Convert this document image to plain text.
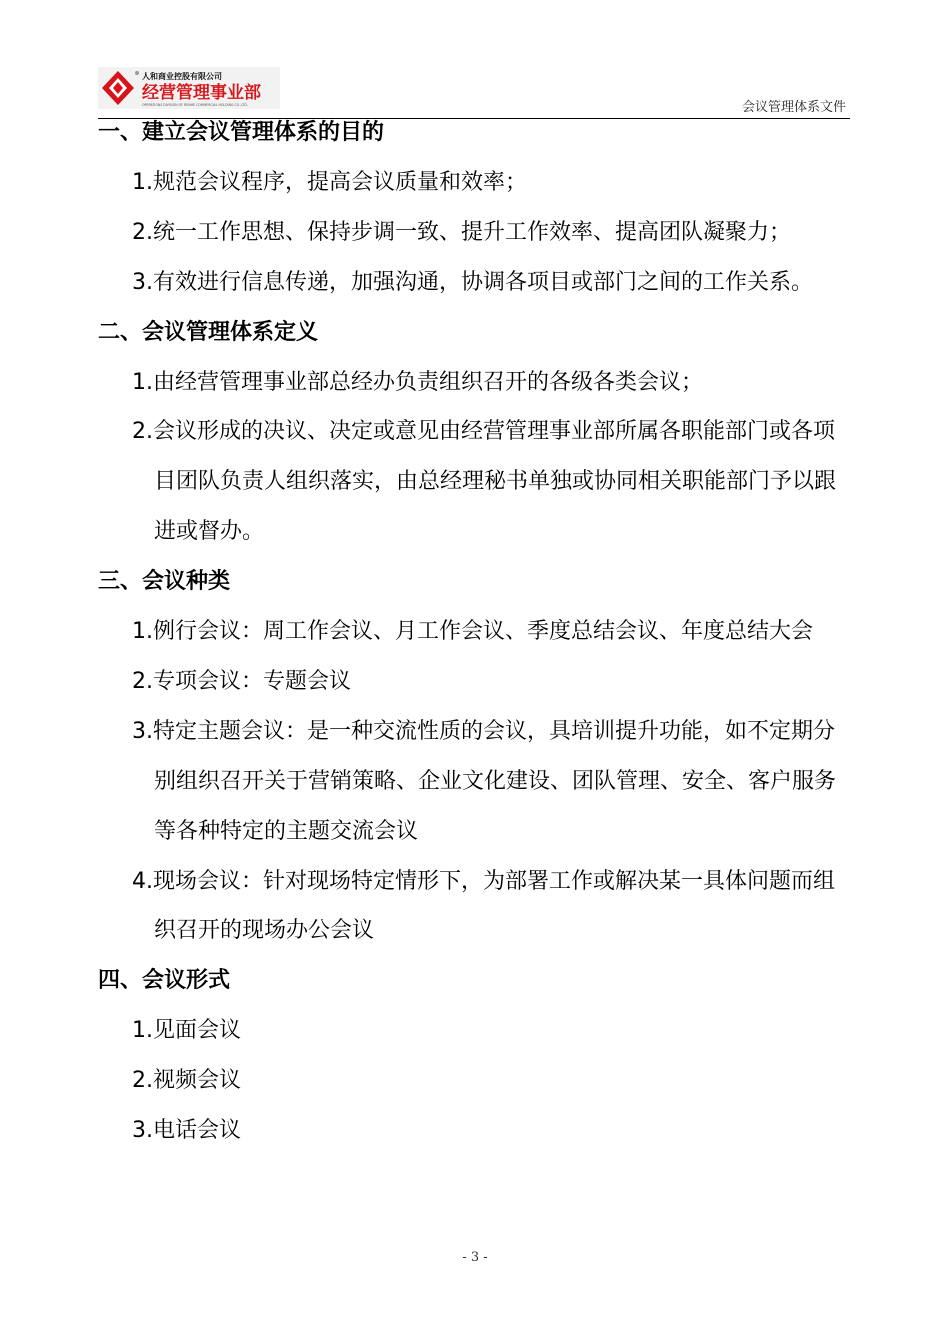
人和商业控股有限公司
经营管理事业部
OPERATIONS DIVISION OF RENHE COMMERCIAL HOLDING CO.,LTD.	会议管理体系文件
一、建立会议管理体系的目的
1.规范会议程序，提高会议质量和效率；
2.统一工作思想、保持步调一致、提升工作效率、提高团队凝聚力；
3.有效进行信息传递，加强沟通，协调各项目或部门之间的工作关系。
二、会议管理体系定义
1.由经营管理事业部总经办负责组织召开的各级各类会议；
2.会议形成的决议、决定或意见由经营管理事业部所属各职能部门或各项
目团队负责人组织落实，由总经理秘书单独或协同相关职能部门予以跟
进或督办。
三、会议种类
1.例行会议：周工作会议、月工作会议、季度总结会议、年度总结大会
2.专项会议：专题会议
3.特定主题会议：是一种交流性质的会议，具培训提升功能，如不定期分
别组织召开关于营销策略、企业文化建设、团队管理、安全、客户服务
等各种特定的主题交流会议
4.现场会议：针对现场特定情形下，为部署工作或解决某一具体问题而组
织召开的现场办公会议
四、会议形式
1.见面会议
2.视频会议
3.电话会议
- 3 -
